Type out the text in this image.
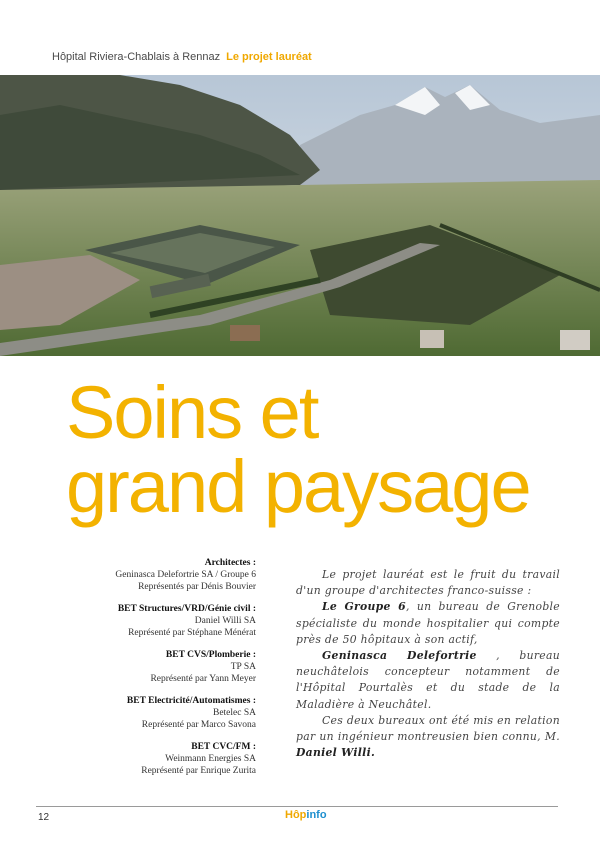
Hôpital Riviera-Chablais à Rennaz Le projet lauréat
Soins et
grand paysage
Architectes :
Geninasca Delefortrie SA / Groupe 6
Représentés par Dénis Bouvier
BET Structures/VRD/Génie civil :
Daniel Willi SA
Représenté par Stéphane Ménérat
BET CVS/Plomberie :
TP SA
Représenté par Yann Meyer
BET Electricité/Automatismes :
Betelec SA
Représenté par Marco Savona
BET CVC/FM :
Weinmann Energies SA
Représenté par Enrique Zurita

Le projet lauréat est le fruit du travail d'un groupe d'architectes franco-suisse :

Le Groupe 6, un bureau de Grenoble spécialiste du monde hospitalier qui compte près de 50 hôpitaux à son actif,

Geninasca Delefortrie , bureau neuchâtelois concepteur notamment de l'Hôpital Pourtalès et du stade de la Maladière à Neuchâtel.

Ces deux bureaux ont été mis en relation par un ingénieur montreusien bien connu, M. Daniel Willi.

12	Hôpinfo
